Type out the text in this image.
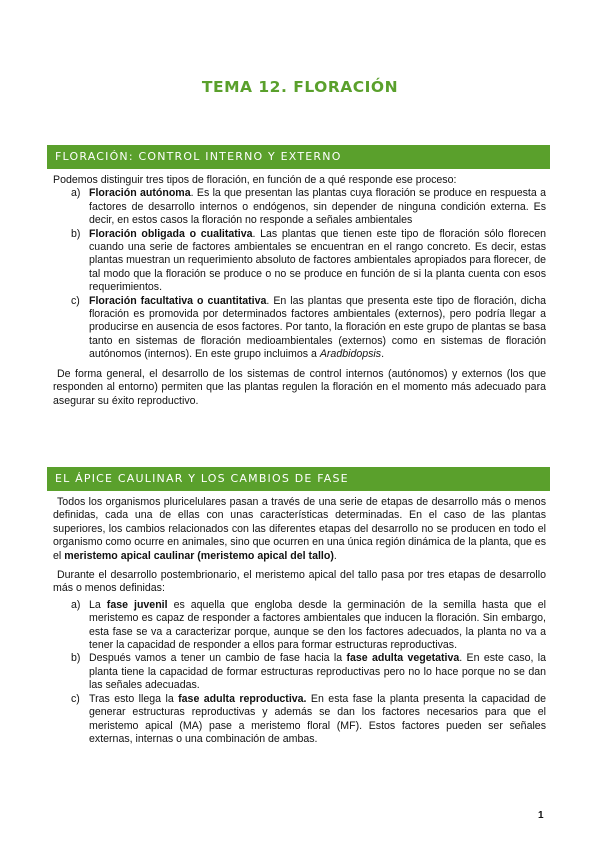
TEMA 12. FLORACIÓN
FLORACIÓN: CONTROL INTERNO Y EXTERNO

Podemos distinguir tres tipos de floración, en función de a qué responde ese proceso:

a) Floración autónoma. Es la que presentan las plantas cuya floración se produce en respuesta a factores de desarrollo internos o endógenos, sin depender de ninguna condición externa. Es decir, en estos casos la floración no responde a señales ambientales
b) Floración obligada o cualitativa. Las plantas que tienen este tipo de floración sólo florecen cuando una serie de factores ambientales se encuentran en el rango concreto. Es decir, estas plantas muestran un requerimiento absoluto de factores ambientales apropiados para florecer, de tal modo que la floración se produce o no se produce en función de si la planta cuenta con esos requerimientos.
c) Floración facultativa o cuantitativa. En las plantas que presenta este tipo de floración, dicha floración es promovida por determinados factores ambientales (externos), pero podría llegar a producirse en ausencia de esos factores. Por tanto, la floración en este grupo de plantas se basa tanto en sistemas de floración medioambientales (externos) como en sistemas de floración autónomos (internos). En este grupo incluimos a Aradbidopsis.

De forma general, el desarrollo de los sistemas de control internos (autónomos) y externos (los que responden al entorno) permiten que las plantas regulen la floración en el momento más adecuado para asegurar su éxito reproductivo.

EL ÁPICE CAULINAR Y LOS CAMBIOS DE FASE

Todos los organismos pluricelulares pasan a través de una serie de etapas de desarrollo más o menos definidas, cada una de ellas con unas características determinadas. En el caso de las plantas superiores, los cambios relacionados con las diferentes etapas del desarrollo no se producen en todo el organismo como ocurre en animales, sino que ocurren en una única región dinámica de la planta, que es el meristemo apical caulinar (meristemo apical del tallo).

Durante el desarrollo postembrionario, el meristemo apical del tallo pasa por tres etapas de desarrollo más o menos definidas:

a) La fase juvenil es aquella que engloba desde la germinación de la semilla hasta que el meristemo es capaz de responder a factores ambientales que inducen la floración. Sin embargo, esta fase se va a caracterizar porque, aunque se den los factores adecuados, la planta no va a tener la capacidad de responder a ellos para formar estructuras reproductivas.
b) Después vamos a tener un cambio de fase hacia la fase adulta vegetativa. En este caso, la planta tiene la capacidad de formar estructuras reproductivas pero no lo hace porque no se dan las señales adecuadas.
c) Tras esto llega la fase adulta reproductiva. En esta fase la planta presenta la capacidad de generar estructuras reproductivas y además se dan los factores necesarios para que el meristemo apical (MA) pase a meristemo floral (MF). Estos factores pueden ser señales externas, internas o una combinación de ambas.
1
